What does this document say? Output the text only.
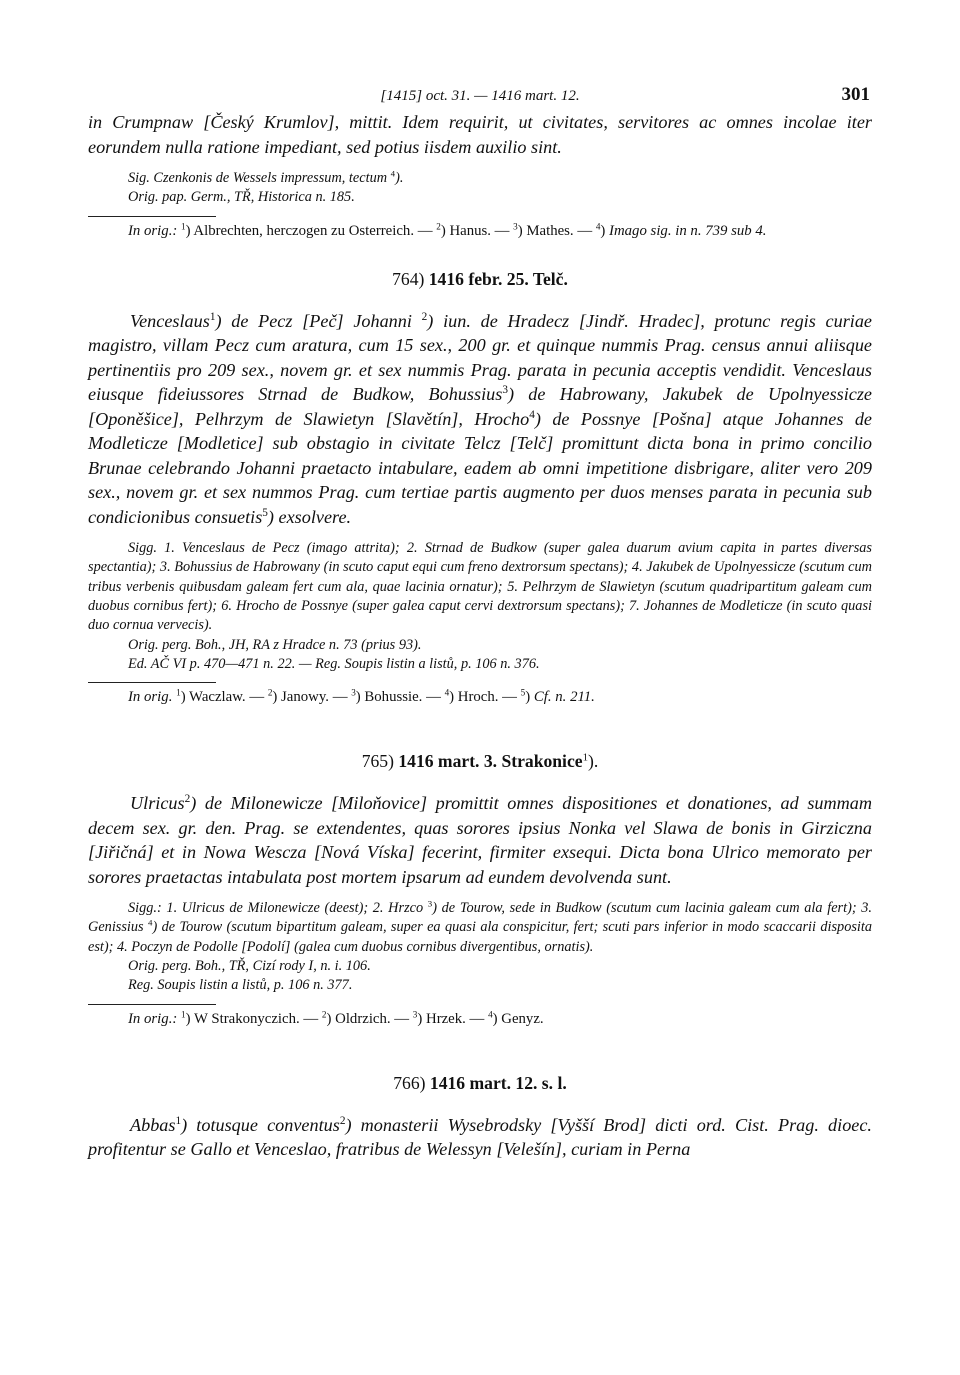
[1415] oct. 31. — 1416 mart. 12.	301

in Crumpnaw [Český Krumlov], mittit. Idem requirit, ut civitates, servitores ac omnes incolae iter eorundem nulla ratione impediant, sed potius iisdem auxilio sint.

Sig. Czenkonis de Wessels impressum, tectum $^4$).

Orig. pap. Germ., TŘ, Historica n. 185.

In orig.: $^1$) Albrechten, herczogen zu Osterreich. — $^2$) Hanus. — $^3$) Mathes. — $^4$) Imago sig. in n. 739 sub 4.

764) 1416 febr. 25. Telč.

Venceslaus$^1$) de Pecz [Peč] Johanni $^2$) iun. de Hradecz [Jindř. Hradec], protunc regis curiae magistro, villam Pecz cum aratura, cum 15 sex., 200 gr. et quinque nummis Prag. census annui aliisque pertinentiis pro 209 sex., novem gr. et sex nummis Prag. parata in pecunia acceptis vendidit. Venceslaus eiusque fideiussores Strnad de Budkow, Bohussius$^3$) de Habrowany, Jakubek de Upolnyessicze [Oponěšice], Pelhrzym de Slawietyn [Slavětín], Hrocho$^4$) de Possnye [Pošna] atque Johannes de Modleticze [Modletice] sub obstagio in civitate Telcz [Telč] promittunt dicta bona in primo concilio Brunae celebrando Johanni praetacto intabulare, eadem ab omni impetitione disbrigare, aliter vero 209 sex., novem gr. et sex nummos Prag. cum tertiae partis augmento per duos menses parata in pecunia sub condicionibus consuetis$^5$) exsolvere.

Sigg. 1. Venceslaus de Pecz (imago attrita); 2. Strnad de Budkow (super galea duarum avium capita in partes diversas spectantia); 3. Bohussius de Habrowany (in scuto caput equi cum freno dextrorsum spectans); 4. Jakubek de Upolnyessicze (scutum cum tribus verbenis quibusdam galeam fert cum ala, quae lacinia ornatur); 5. Pelhrzym de Slawietyn (scutum quadripartitum galeam cum duobus cornibus fert); 6. Hrocho de Possnye (super galea caput cervi dextrorsum spectans); 7. Johannes de Modleticze (in scuto quasi duo cornua vervecis).

Orig. perg. Boh., JH, RA z Hradce n. 73 (prius 93).

Ed. AČ VI p. 470—471 n. 22. — Reg. Soupis listin a listů, p. 106 n. 376.

In orig. $^1$) Waczlaw. — $^2$) Janowy. — $^3$) Bohussie. — $^4$) Hroch. — $^5$) Cf. n. 211.

765) 1416 mart. 3. Strakonice$^1$).

Ulricus$^2$) de Milonewicze [Miloňovice] promittit omnes dispositiones et donationes, ad summam decem sex. gr. den. Prag. se extendentes, quas sorores ipsius Nonka vel Slawa de bonis in Girziczna [Jiřičná] et in Nowa Wescza [Nová Víska] fecerint, firmiter exsequi. Dicta bona Ulrico memorato per sorores praetactas intabulata post mortem ipsarum ad eundem devolvenda sunt.

Sigg.: 1. Ulricus de Milonewicze (deest); 2. Hrzco $^3$) de Tourow, sede in Budkow (scutum cum lacinia galeam cum ala fert); 3. Genissius $^4$) de Tourow (scutum bipartitum galeam, super ea quasi ala conspicitur, fert; scuti pars inferior in modo scaccarii disposita est); 4. Poczyn de Podolle [Podolí] (galea cum duobus cornibus divergentibus, ornatis).

Orig. perg. Boh., TŘ, Cizí rody I, n. i. 106.

Reg. Soupis listin a listů, p. 106 n. 377.

In orig.: $^1$) W Strakonyczich. — $^2$) Oldrzich. — $^3$) Hrzek. — $^4$) Genyz.

766) 1416 mart. 12. s. l.

Abbas$^1$) totusque conventus$^2$) monasterii Wysebrodsky [Vyšší Brod] dicti ord. Cist. Prag. dioec. profitentur se Gallo et Venceslao, fratribus de Welessyn [Velešín], curiam in Perna
